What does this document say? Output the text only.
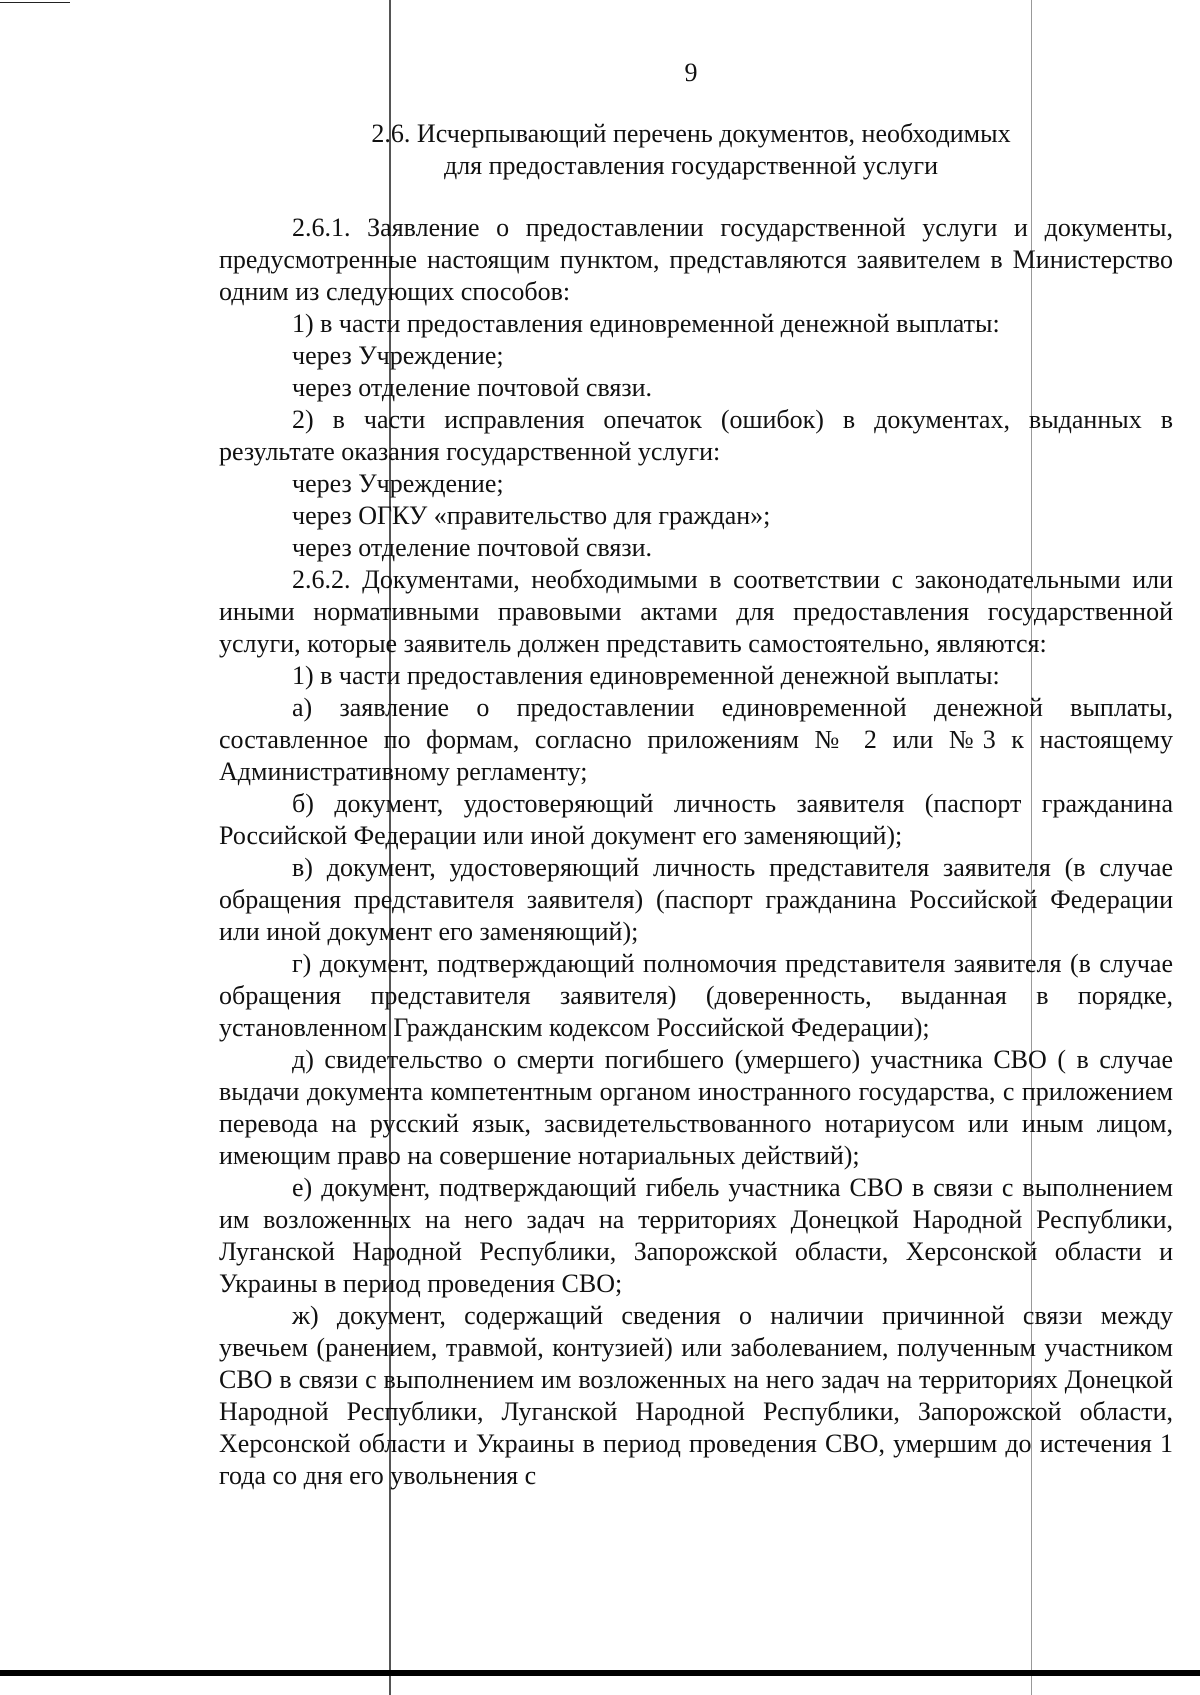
9
2.6. Исчерпывающий перечень документов, необходимых
для предоставления государственной услуги

2.6.1. Заявление о предоставлении государственной услуги и документы, предусмотренные настоящим пунктом, представляются заявителем в Министерство одним из следующих способов:

1) в части предоставления единовременной денежной выплаты:

через Учреждение;

через отделение почтовой связи.

2) в части исправления опечаток (ошибок) в документах, выданных в результате оказания государственной услуги:

через Учреждение;

через ОГКУ «правительство для граждан»;

через отделение почтовой связи.

2.6.2. Документами, необходимыми в соответствии с законодательными или иными нормативными правовыми актами для предоставления государственной услуги, которые заявитель должен представить самостоятельно, являются:

1) в части предоставления единовременной денежной выплаты:

а) заявление о предоставлении единовременной денежной выплаты, составленное по формам, согласно приложениям № 2 или №3 к настоящему Административному регламенту;

б) документ, удостоверяющий личность заявителя (паспорт гражданина Российской Федерации или иной документ его заменяющий);

в) документ, удостоверяющий личность представителя заявителя (в случае обращения представителя заявителя) (паспорт гражданина Российской Федерации или иной документ его заменяющий);

г) документ, подтверждающий полномочия представителя заявителя (в случае обращения представителя заявителя) (доверенность, выданная в порядке, установленном Гражданским кодексом Российской Федерации);

д) свидетельство о смерти погибшего (умершего) участника СВО ( в случае выдачи документа компетентным органом иностранного государства, с приложением перевода на русский язык, засвидетельствованного нотариусом или иным лицом, имеющим право на совершение нотариальных действий);

е) документ, подтверждающий гибель участника СВО в связи с выполнением им возложенных на него задач на территориях Донецкой Народной Республики, Луганской Народной Республики, Запорожской области, Херсонской области и Украины в период проведения СВО;

ж) документ, содержащий сведения о наличии причинной связи между увечьем (ранением, травмой, контузией) или заболеванием, полученным участником СВО в связи с выполнением им возложенных на него задач на территориях Донецкой Народной Республики, Луганской Народной Республики, Запорожской области, Херсонской области и Украины в период проведения СВО, умершим до истечения 1 года со дня его увольнения с
